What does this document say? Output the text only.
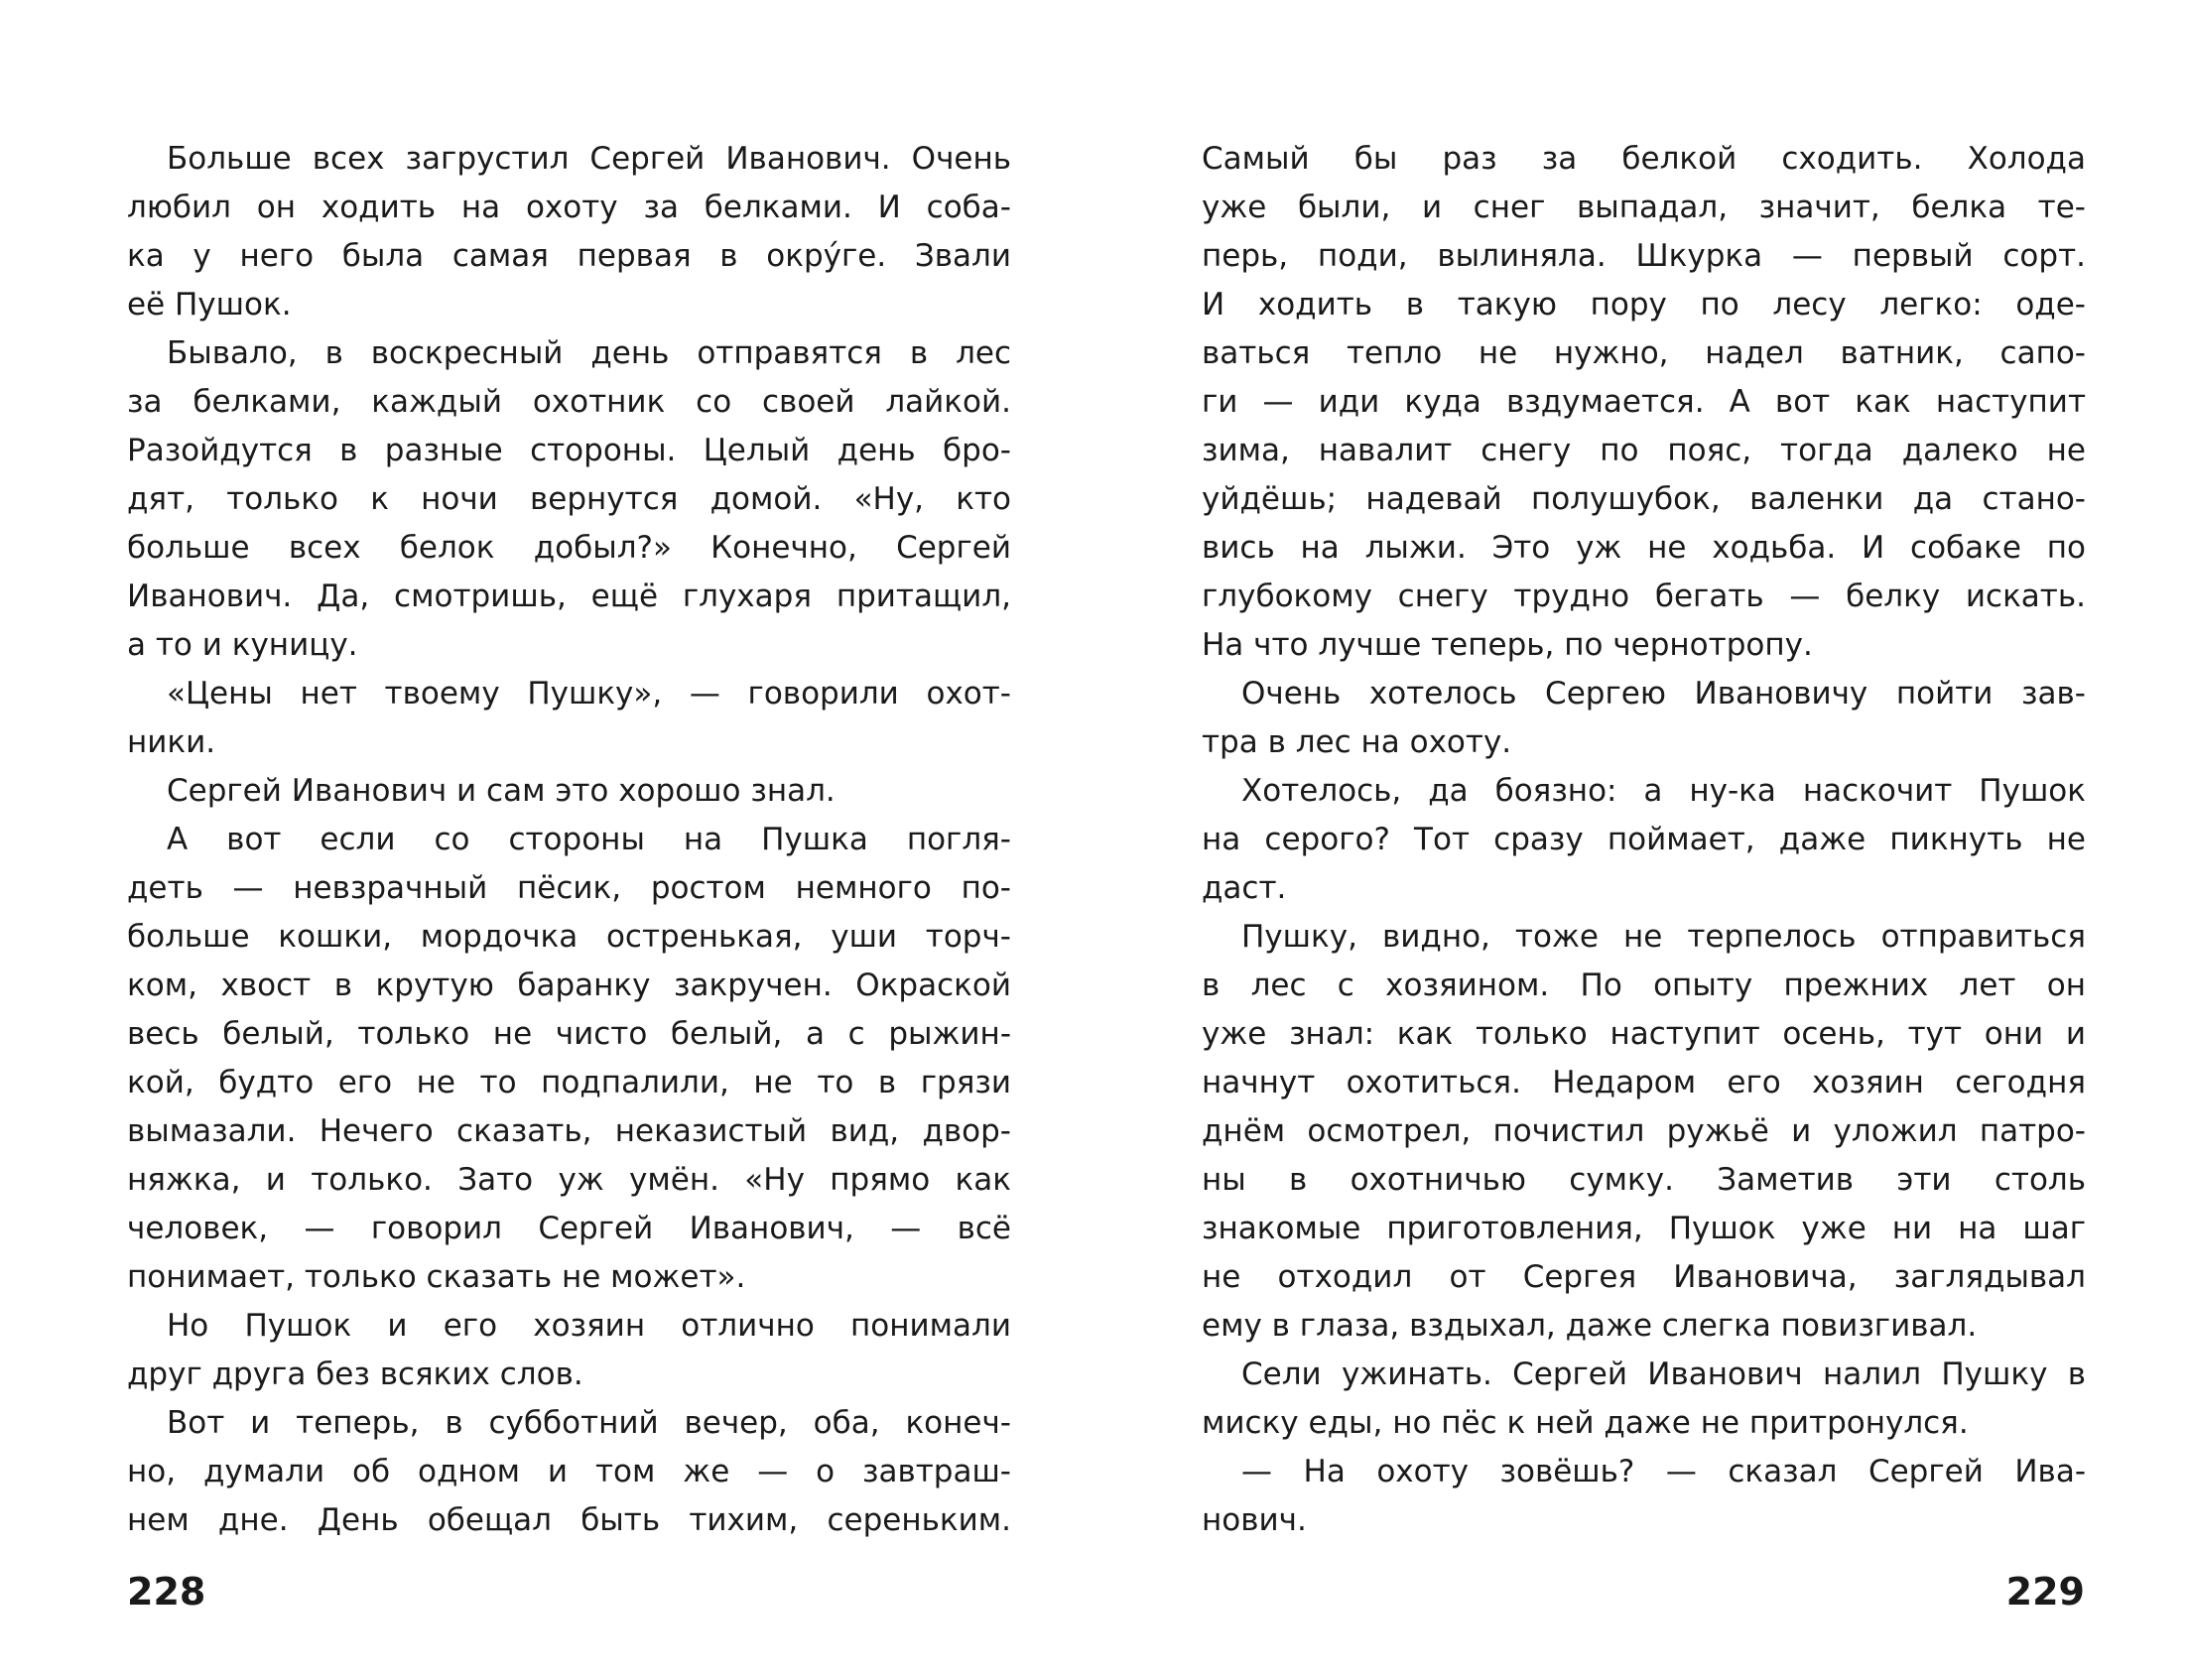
Больше всех загрустил Сергей Иванович. Очень
любил он ходить на охоту за белками. И соба-
ка у него была самая первая в окру́ге. Звали
её Пушок.
Бывало, в воскресный день отправятся в лес
за белками, каждый охотник со своей лайкой.
Разойдутся в разные стороны. Целый день бро-
дят, только к ночи вернутся домой. «Ну, кто
больше всех белок добыл?» Конечно, Сергей
Иванович. Да, смотришь, ещё глухаря притащил,
а то и куницу.
«Цены нет твоему Пушку», — говорили охот-
ники.
Сергей Иванович и сам это хорошо знал.
А вот если со стороны на Пушка погля-
деть — невзрачный пёсик, ростом немного по-
больше кошки, мордочка остренькая, уши торч-
ком, хвост в крутую баранку закручен. Окраской
весь белый, только не чисто белый, а с рыжин-
кой, будто его не то подпалили, не то в грязи
вымазали. Нечего сказать, неказистый вид, двор-
няжка, и только. Зато уж умён. «Ну прямо как
человек, — говорил Сергей Иванович, — всё
понимает, только сказать не может».
Но Пушок и его хозяин отлично понимали
друг друга без всяких слов.
Вот и теперь, в субботний вечер, оба, конеч-
но, думали об одном и том же — о завтраш-
нем дне. День обещал быть тихим, сереньким.
Самый бы раз за белкой сходить. Холода
уже были, и снег выпадал, значит, белка те-
перь, поди, вылиняла. Шкурка — первый сорт.
И ходить в такую пору по лесу легко: оде-
ваться тепло не нужно, надел ватник, сапо-
ги — иди куда вздумается. А вот как наступит
зима, навалит снегу по пояс, тогда далеко не
уйдёшь; надевай полушубок, валенки да стано-
вись на лыжи. Это уж не ходьба. И собаке по
глубокому снегу трудно бегать — белку искать.
На что лучше теперь, по чернотропу.
Очень хотелось Сергею Ивановичу пойти зав-
тра в лес на охоту.
Хотелось, да боязно: а ну-ка наскочит Пушок
на серого? Тот сразу поймает, даже пикнуть не
даст.
Пушку, видно, тоже не терпелось отправиться
в лес с хозяином. По опыту прежних лет он
уже знал: как только наступит осень, тут они и
начнут охотиться. Недаром его хозяин сегодня
днём осмотрел, почистил ружьё и уложил патро-
ны в охотничью сумку. Заметив эти столь
знакомые приготовления, Пушок уже ни на шаг
не отходил от Сергея Ивановича, заглядывал
ему в глаза, вздыхал, даже слегка повизгивал.
Сели ужинать. Сергей Иванович налил Пушку в
миску еды, но пёс к ней даже не притронулся.
— На охоту зовёшь? — сказал Сергей Ива-
нович.
228	229
